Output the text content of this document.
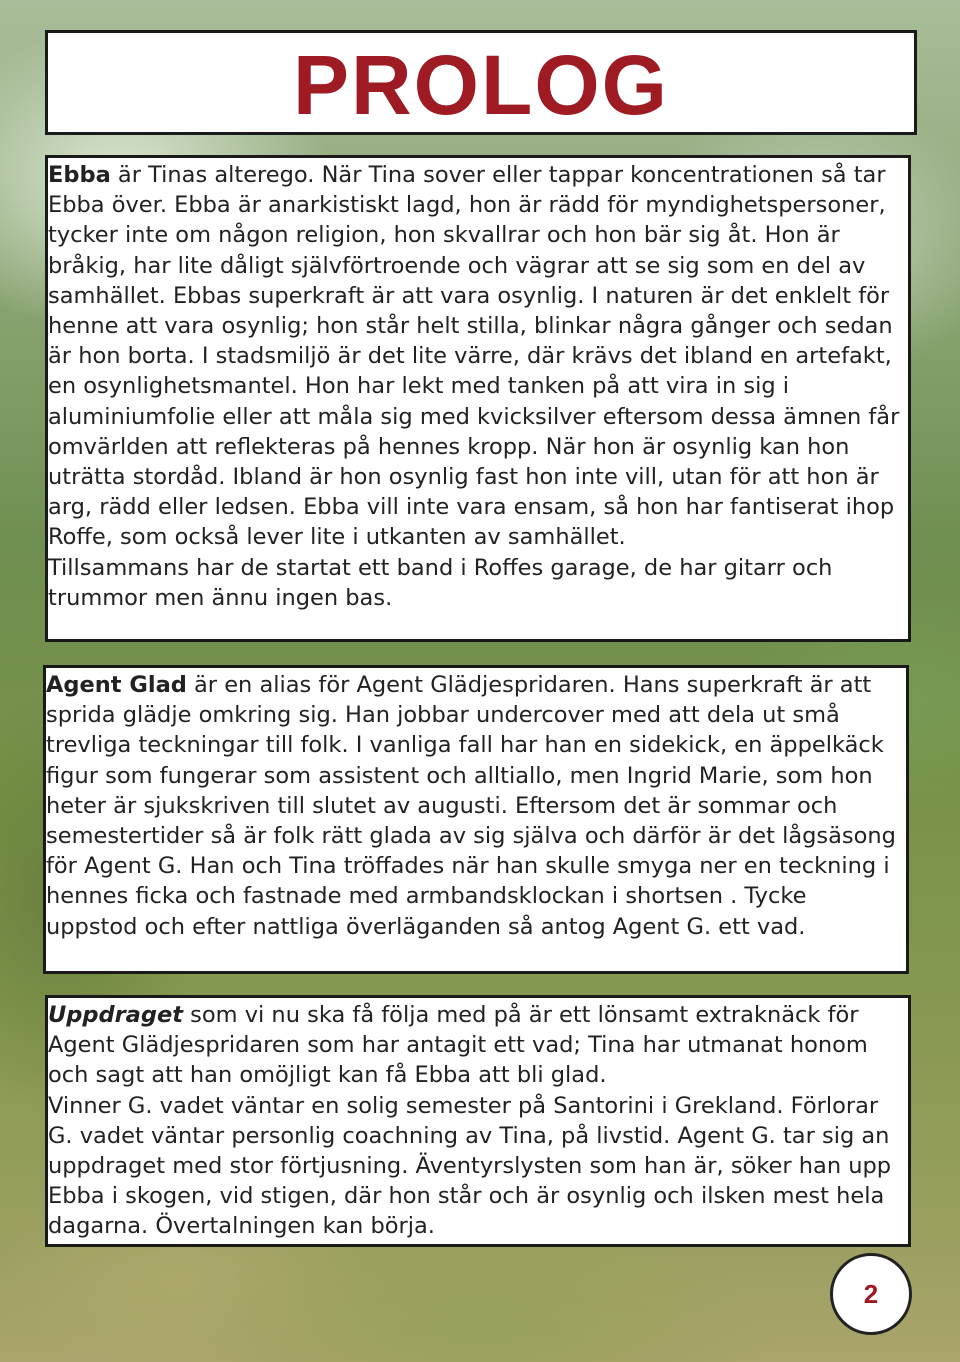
PROLOG

Ebba är Tinas alterego. När Tina sover eller tappar koncentrationen så tar Ebba över. Ebba är anarkistiskt lagd, hon är rädd för myndighetspersoner, tycker inte om någon religion, hon skvallrar och hon bär sig åt. Hon är bråkig, har lite dåligt självförtroende och vägrar att se sig som en del av samhället. Ebbas superkraft är att vara osynlig. I naturen är det enklelt för henne att vara osynlig; hon står helt stilla, blinkar några gånger och sedan är hon borta. I stadsmiljö är det lite värre, där krävs det ibland en artefakt, en osynlighetsmantel. Hon har lekt med tanken på att vira in sig i aluminiumfolie eller att måla sig med kvicksilver eftersom dessa ämnen får omvärlden att reflekteras på hennes kropp. När hon är osynlig kan hon uträtta stordåd. Ibland är hon osynlig fast hon inte vill, utan för att hon är arg, rädd eller ledsen. Ebba vill inte vara ensam, så hon har fantiserat ihop Roffe, som också lever lite i utkanten av samhället.

Tillsammans har de startat ett band i Roffes garage, de har gitarr och trummor men ännu ingen bas.

Agent Glad är en alias för Agent Glädjespridaren. Hans superkraft är att sprida glädje omkring sig. Han jobbar undercover med att dela ut små trevliga teckningar till folk. I vanliga fall har han en sidekick, en äppelkäck figur som fungerar som assistent och alltiallo, men Ingrid Marie, som hon heter är sjukskriven till slutet av augusti. Eftersom det är sommar och semestertider så är folk rätt glada av sig själva och därför är det lågsäsong för Agent G. Han och Tina tröffades när han skulle smyga ner en teckning i hennes ficka och fastnade med armbandsklockan i shortsen . Tycke uppstod och efter nattliga överläganden så antog Agent G. ett vad.

Uppdraget som vi nu ska få följa med på är ett lönsamt extraknäck för Agent Glädjespridaren som har antagit ett vad; Tina har utmanat honom och sagt att han omöjligt kan få Ebba att bli glad.

Vinner G. vadet väntar en solig semester på Santorini i Grekland. Förlorar G. vadet väntar personlig coachning av Tina, på livstid. Agent G. tar sig an uppdraget med stor förtjusning. Äventyrslysten som han är, söker han upp Ebba i skogen, vid stigen, där hon står och är osynlig och ilsken mest hela dagarna. Övertalningen kan börja.

2
